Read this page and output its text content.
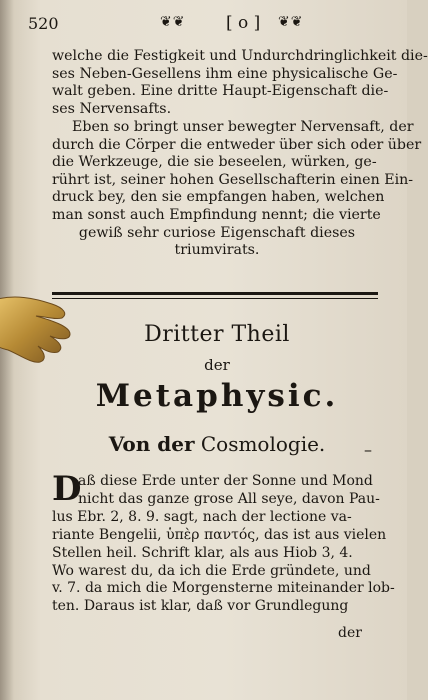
520	❦❦ [ o ] ❦❦
welche die Festigkeit und Undurchdringlichkeit die-
ses Neben-Gesellens ihm eine physicalische Ge-
walt geben. Eine dritte Haupt-Eigenschaft die-
ses Nervensafts.
Eben so bringt unser bewegter Nervensaft, der
durch die Cörper die entweder über sich oder über
die Werkzeuge, die sie beseelen, würken, ge-
rührt ist, seiner hohen Gesellschafterin einen Ein-
druck bey, den sie empfangen haben, welchen
man sonst auch Empfindung nennt; die vierte
gewiß sehr curiose Eigenschaft dieses
triumvirats.
Dritter Theil
der
Metaphysic.
Von der Cosmologie.	–
D
aß diese Erde unter der Sonne und Mond
nicht das ganze grose All seye, davon Pau-
lus Ebr. 2, 8. 9. sagt, nach der lectione va-
riante Bengelii, ὑπὲρ παντός, das ist aus vielen
Stellen heil. Schrift klar, als aus Hiob 3, 4.
Wo warest du, da ich die Erde gründete, und
v. 7. da mich die Morgensterne miteinander lob-
ten. Daraus ist klar, daß vor Grundlegung
der
